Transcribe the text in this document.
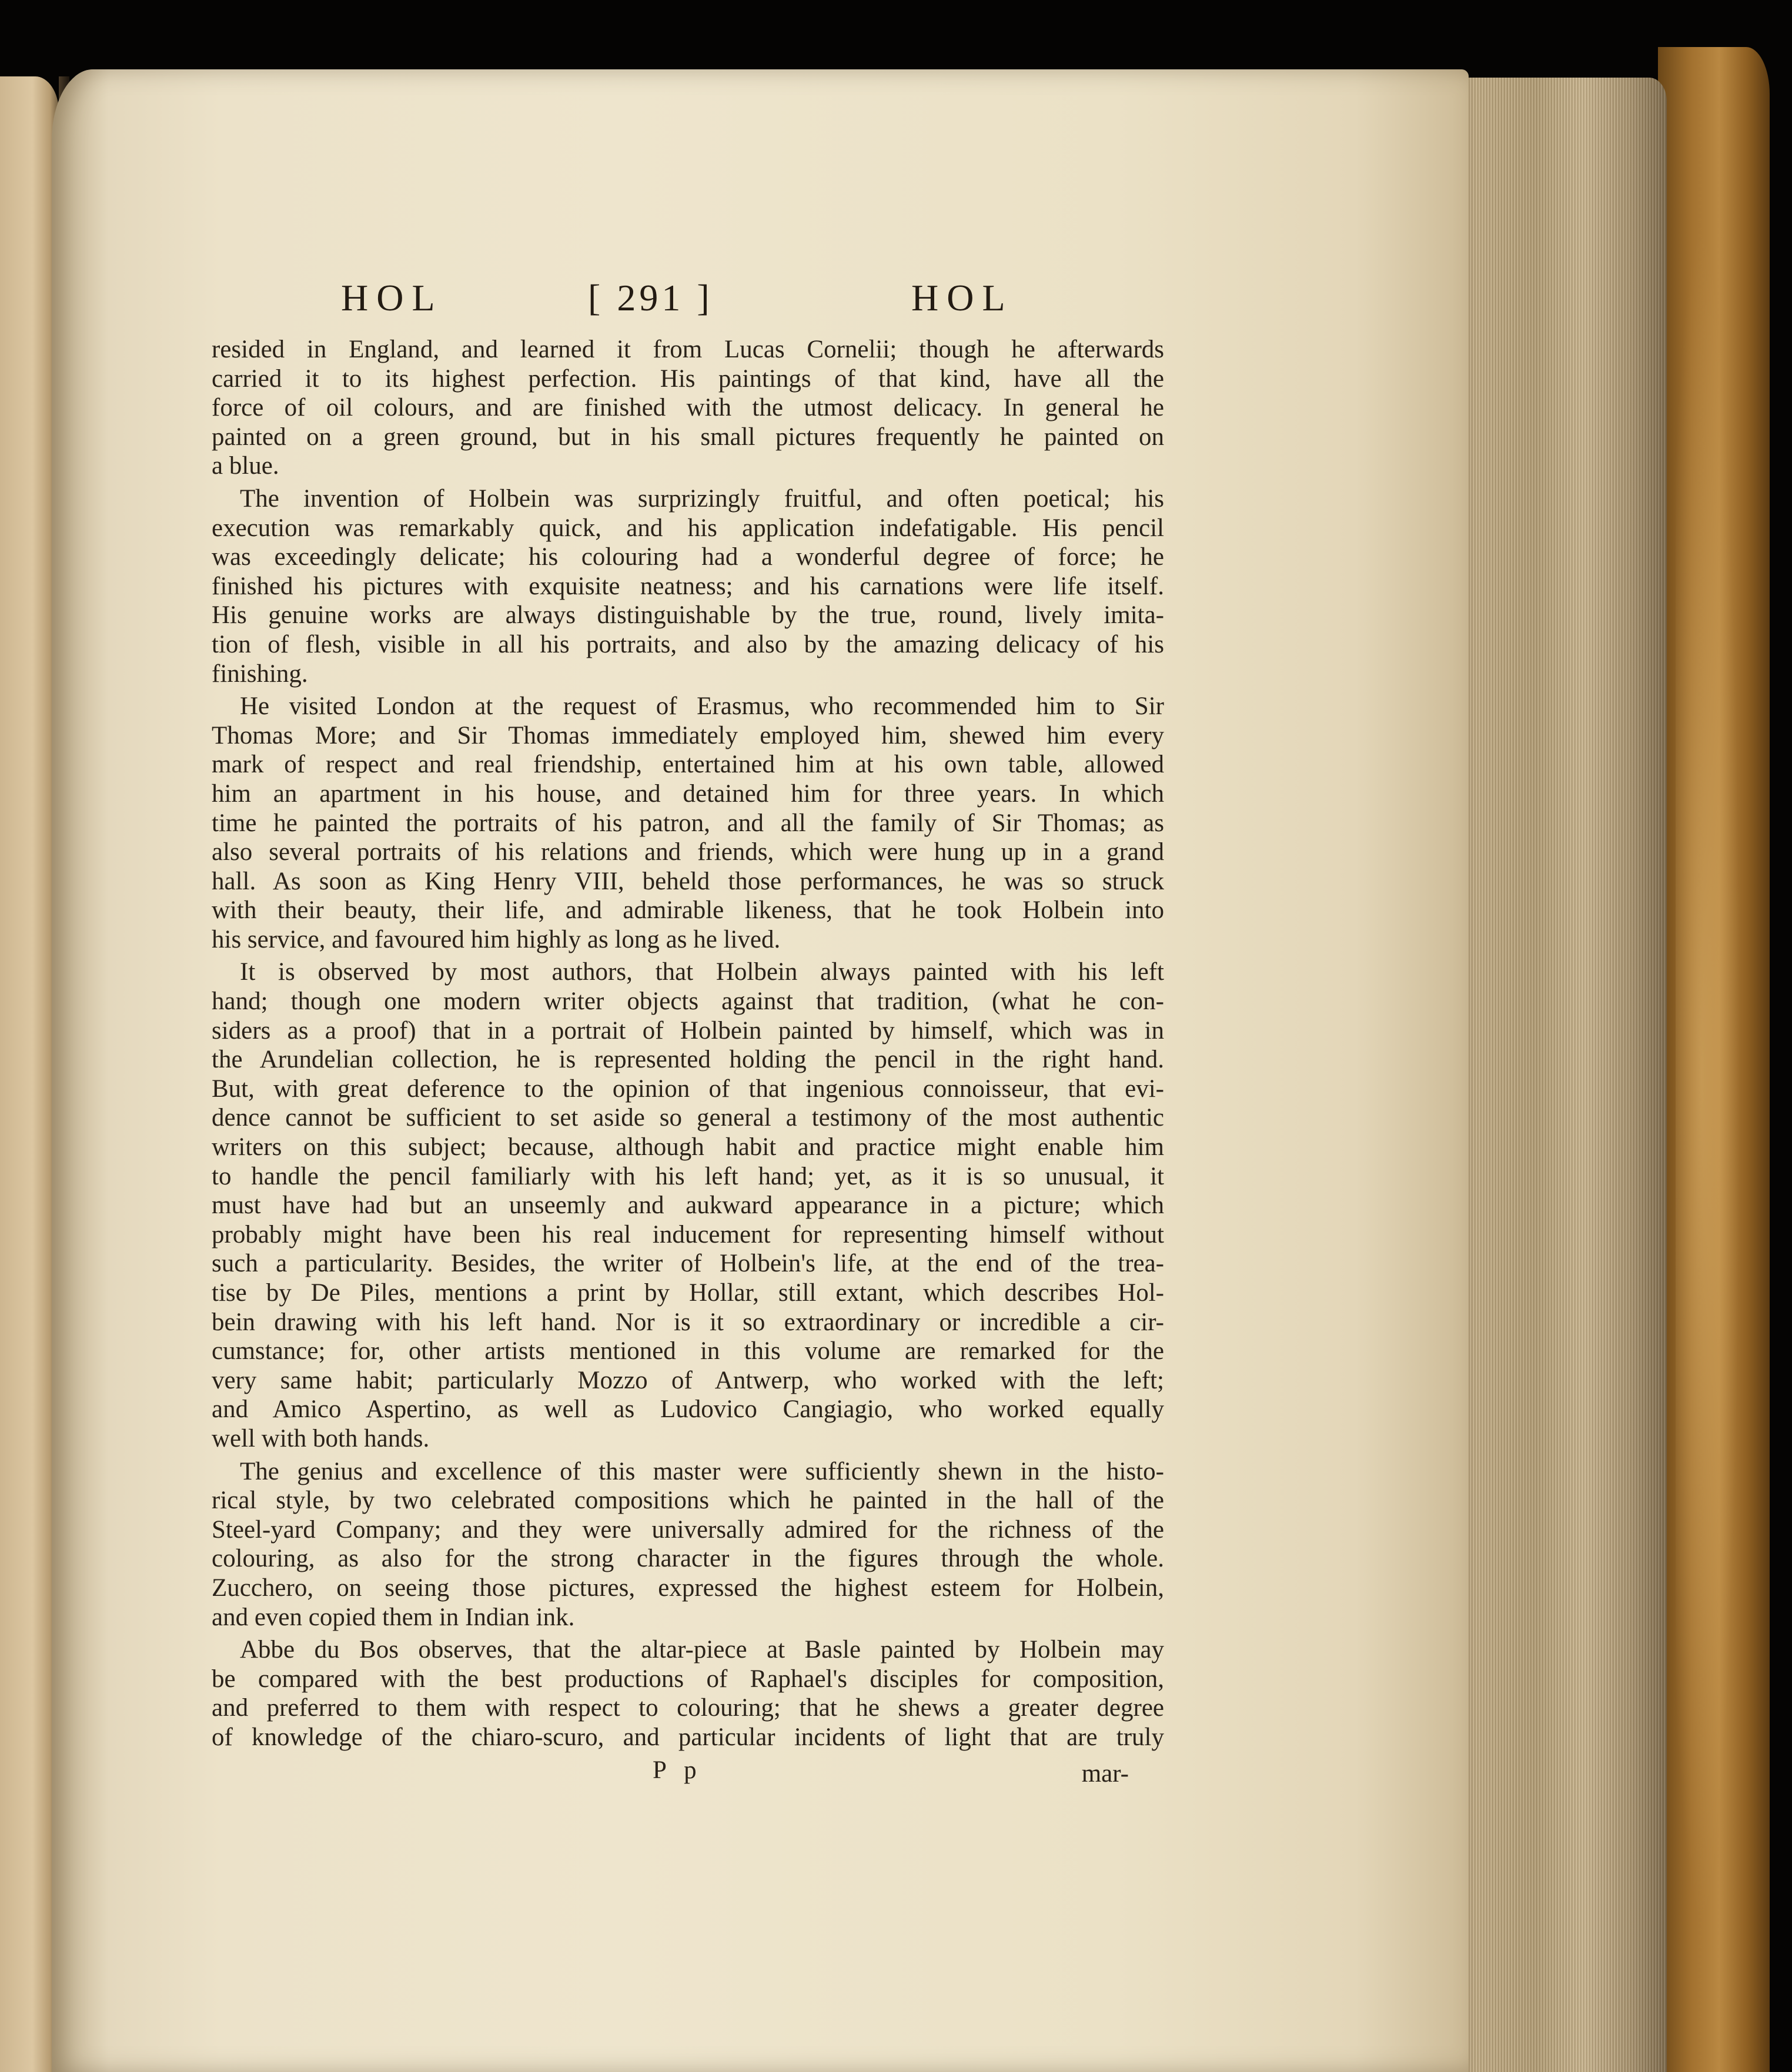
HOL	[ 291 ]	HOL
resided in England, and learned it from Lucas Cornelii; though he afterwards
carried it to its highest perfection. His paintings of that kind, have all the
force of oil colours, and are finished with the utmost delicacy. In general he
painted on a green ground, but in his small pictures frequently he painted on
a blue.
The invention of Holbein was surprizingly fruitful, and often poetical; his
execution was remarkably quick, and his application indefatigable. His pencil
was exceedingly delicate; his colouring had a wonderful degree of force; he
finished his pictures with exquisite neatness; and his carnations were life itself.
His genuine works are always distinguishable by the true, round, lively imita-
tion of flesh, visible in all his portraits, and also by the amazing delicacy of his
finishing.
He visited London at the request of Erasmus, who recommended him to Sir
Thomas More; and Sir Thomas immediately employed him, shewed him every
mark of respect and real friendship, entertained him at his own table, allowed
him an apartment in his house, and detained him for three years. In which
time he painted the portraits of his patron, and all the family of Sir Thomas; as
also several portraits of his relations and friends, which were hung up in a grand
hall. As soon as King Henry VIII, beheld those performances, he was so struck
with their beauty, their life, and admirable likeness, that he took Holbein into
his service, and favoured him highly as long as he lived.
It is observed by most authors, that Holbein always painted with his left
hand; though one modern writer objects against that tradition, (what he con-
siders as a proof) that in a portrait of Holbein painted by himself, which was in
the Arundelian collection, he is represented holding the pencil in the right hand.
But, with great deference to the opinion of that ingenious connoisseur, that evi-
dence cannot be sufficient to set aside so general a testimony of the most authentic
writers on this subject; because, although habit and practice might enable him
to handle the pencil familiarly with his left hand; yet, as it is so unusual, it
must have had but an unseemly and aukward appearance in a picture; which
probably might have been his real inducement for representing himself without
such a particularity. Besides, the writer of Holbein's life, at the end of the trea-
tise by De Piles, mentions a print by Hollar, still extant, which describes Hol-
bein drawing with his left hand. Nor is it so extraordinary or incredible a cir-
cumstance; for, other artists mentioned in this volume are remarked for the
very same habit; particularly Mozzo of Antwerp, who worked with the left;
and Amico Aspertino, as well as Ludovico Cangiagio, who worked equally
well with both hands.
The genius and excellence of this master were sufficiently shewn in the histo-
rical style, by two celebrated compositions which he painted in the hall of the
Steel-yard Company; and they were universally admired for the richness of the
colouring, as also for the strong character in the figures through the whole.
Zucchero, on seeing those pictures, expressed the highest esteem for Holbein,
and even copied them in Indian ink.
Abbe du Bos observes, that the altar-piece at Basle painted by Holbein may
be compared with the best productions of Raphael's disciples for composition,
and preferred to them with respect to colouring; that he shews a greater degree
of knowledge of the chiaro-scuro, and particular incidents of light that are truly
P p	mar-
